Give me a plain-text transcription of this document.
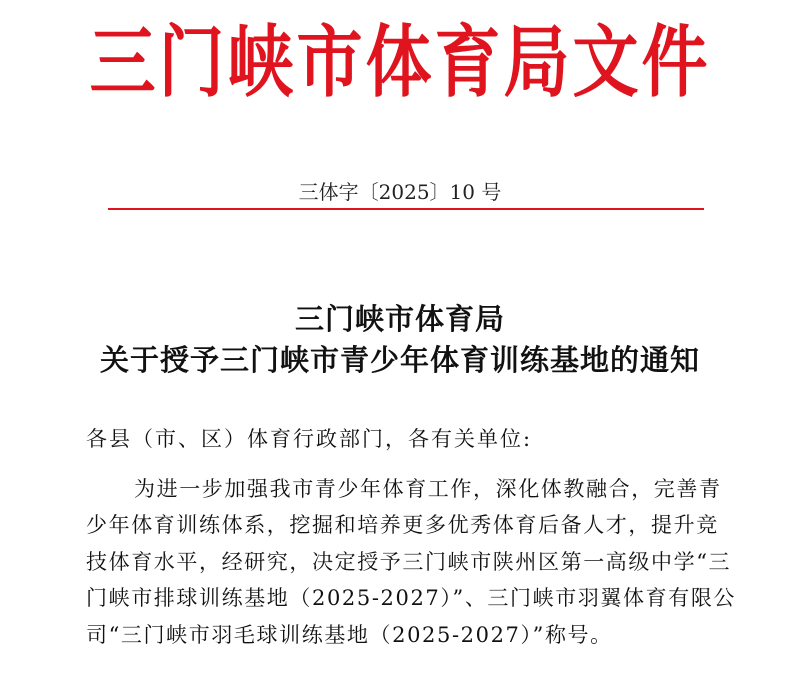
三门峡市体育局文件
三体字〔2025〕10 号
三门峡市体育局
关于授予三门峡市青少年体育训练基地的通知
各县（市、区）体育行政部门，各有关单位:
为进一步加强我市青少年体育工作，深化体教融合，完善青
少年体育训练体系，挖掘和培养更多优秀体育后备人才，提升竞
技体育水平，经研究，决定授予三门峡市陕州区第一高级中学“三
门峡市排球训练基地（2025-2027）”、三门峡市羽翼体育有限公
司“三门峡市羽毛球训练基地（2025-2027）”称号。
